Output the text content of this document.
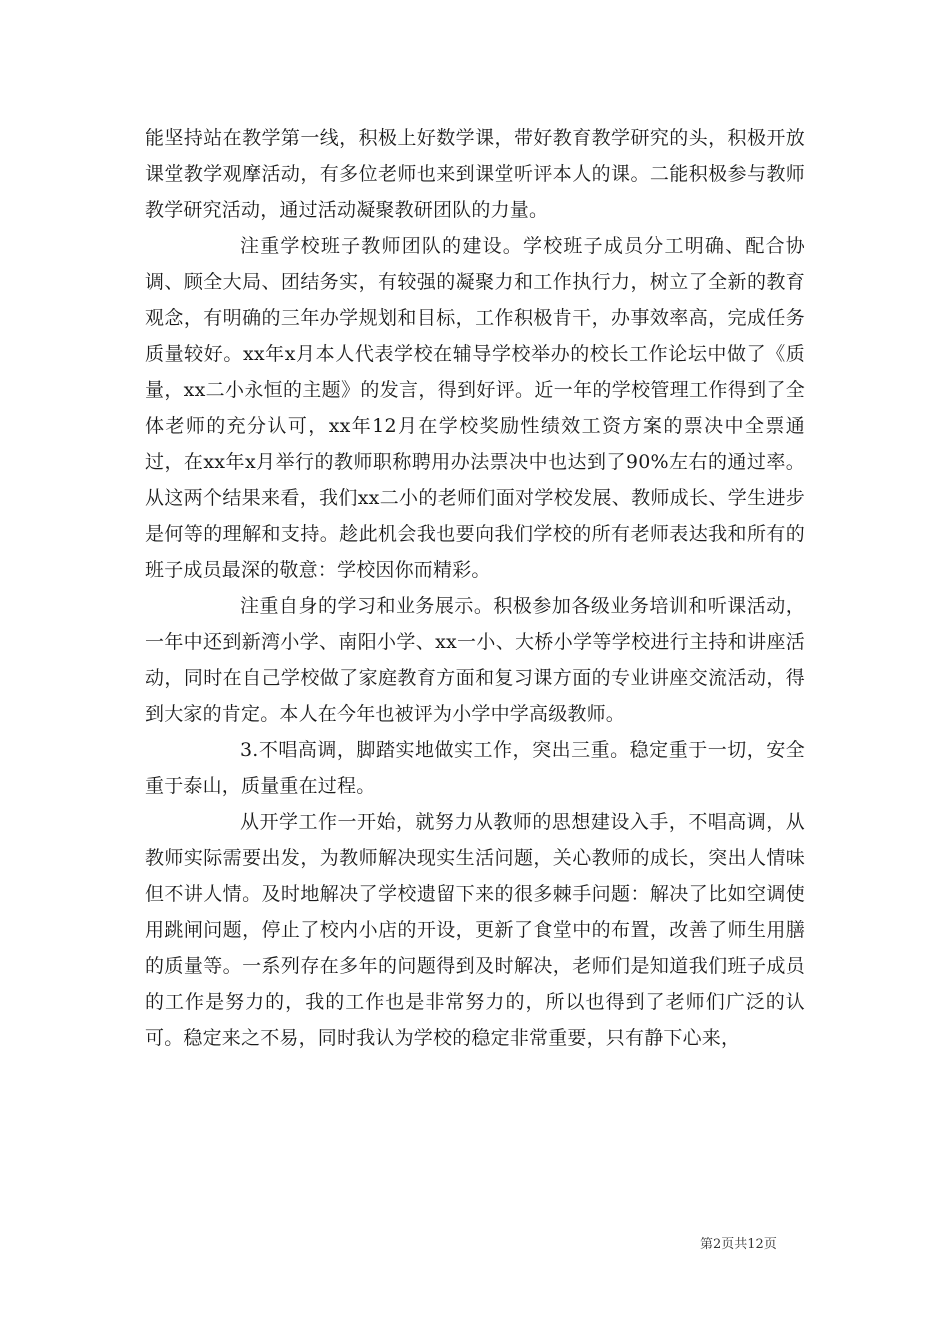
能坚持站在教学第一线，积极上好数学课，带好教育教学研究的头，积极开放课堂教学观摩活动，有多位老师也来到课堂听评本人的课。二能积极参与教师教学研究活动，通过活动凝聚教研团队的力量。

注重学校班子教师团队的建设。学校班子成员分工明确、配合协调、顾全大局、团结务实，有较强的凝聚力和工作执行力，树立了全新的教育观念，有明确的三年办学规划和目标，工作积极肯干，办事效率高，完成任务质量较好。xx年x月本人代表学校在辅导学校举办的校长工作论坛中做了《质量，xx二小永恒的主题》的发言，得到好评。近一年的学校管理工作得到了全体老师的充分认可，xx年12月在学校奖励性绩效工资方案的票决中全票通过，在xx年x月举行的教师职称聘用办法票决中也达到了90%左右的通过率。从这两个结果来看，我们xx二小的老师们面对学校发展、教师成长、学生进步是何等的理解和支持。趁此机会我也要向我们学校的所有老师表达我和所有的班子成员最深的敬意：学校因你而精彩。

注重自身的学习和业务展示。积极参加各级业务培训和听课活动，一年中还到新湾小学、南阳小学、xx一小、大桥小学等学校进行主持和讲座活动，同时在自己学校做了家庭教育方面和复习课方面的专业讲座交流活动，得到大家的肯定。本人在今年也被评为小学中学高级教师。

3.不唱高调，脚踏实地做实工作，突出三重。稳定重于一切，安全重于泰山，质量重在过程。

从开学工作一开始，就努力从教师的思想建设入手，不唱高调，从教师实际需要出发，为教师解决现实生活问题，关心教师的成长，突出人情味但不讲人情。及时地解决了学校遗留下来的很多棘手问题：解决了比如空调使用跳闸问题，停止了校内小店的开设，更新了食堂中的布置，改善了师生用膳的质量等。一系列存在多年的问题得到及时解决，老师们是知道我们班子成员的工作是努力的，我的工作也是非常努力的，所以也得到了老师们广泛的认可。稳定来之不易，同时我认为学校的稳定非常重要，只有静下心来，

第2页共12页
